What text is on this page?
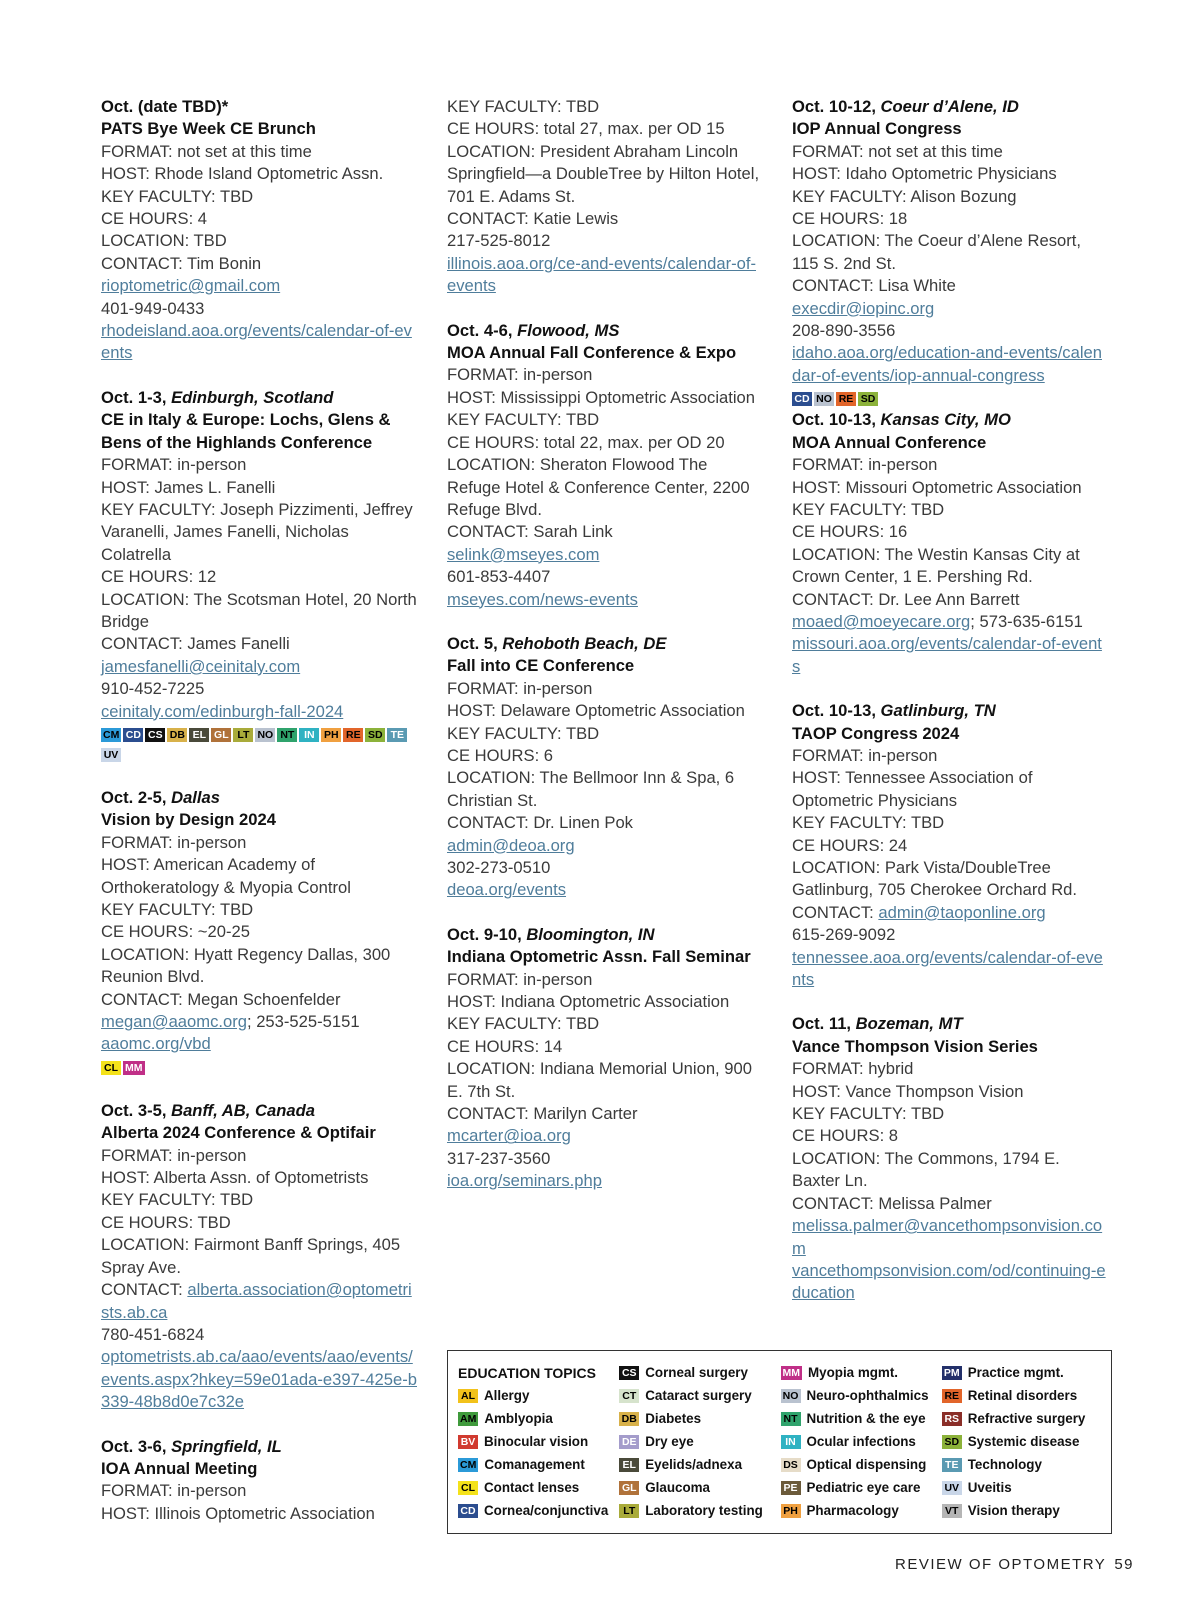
Oct. (date TBD)*
PATS Bye Week CE Brunch
FORMAT: not set at this time
HOST: Rhode Island Optometric Assn.
KEY FACULTY: TBD
CE HOURS: 4
LOCATION: TBD
CONTACT: Tim Bonin
rioptometric@gmail.com
401-949-0433
rhodeisland.aoa.org/events/calendar-of-events
Oct. 1-3, Edinburgh, Scotland
CE in Italy & Europe: Lochs, Glens & Bens of the Highlands Conference
FORMAT: in-person
HOST: James L. Fanelli
KEY FACULTY: Joseph Pizzimenti, Jeffrey Varanelli, James Fanelli, Nicholas Colatrella
CE HOURS: 12
LOCATION: The Scotsman Hotel, 20 North Bridge
CONTACT: James Fanelli
jamesfanelli@ceinitaly.com
910-452-7225
ceinitaly.com/edinburgh-fall-2024
CM CD CS DB EL GL LT NO NT IN PH RE SD TEUV
Oct. 2-5, Dallas
Vision by Design 2024
FORMAT: in-person
HOST: American Academy of Orthokeratology & Myopia Control
KEY FACULTY: TBD
CE HOURS: ~20-25
LOCATION: Hyatt Regency Dallas, 300 Reunion Blvd.
CONTACT: Megan Schoenfelder
megan@aaomc.org; 253-525-5151
aaomc.org/vbd
CL MM
Oct. 3-5, Banff, AB, Canada
Alberta 2024 Conference & Optifair
FORMAT: in-person
HOST: Alberta Assn. of Optometrists
KEY FACULTY: TBD
CE HOURS: TBD
LOCATION: Fairmont Banff Springs, 405 Spray Ave.
CONTACT: alberta.association@optometrists.ab.ca
780-451-6824
optometrists.ab.ca/aao/events/aao/events/events.aspx?hkey=59e01ada-e397-425e-b339-48b8d0e7c32e
Oct. 3-6, Springfield, IL
IOA Annual Meeting
FORMAT: in-person
HOST: Illinois Optometric Association
KEY FACULTY: TBD
CE HOURS: total 27, max. per OD 15
LOCATION: President Abraham Lincoln Springfield—a DoubleTree by Hilton Hotel, 701 E. Adams St.
CONTACT: Katie Lewis
217-525-8012
illinois.aoa.org/ce-and-events/calendar-of-events
Oct. 4-6, Flowood, MS
MOA Annual Fall Conference & Expo
FORMAT: in-person
HOST: Mississippi Optometric Association
KEY FACULTY: TBD
CE HOURS: total 22, max. per OD 20
LOCATION: Sheraton Flowood The Refuge Hotel & Conference Center, 2200 Refuge Blvd.
CONTACT: Sarah Link
selink@mseyes.com
601-853-4407
mseyes.com/news-events
Oct. 5, Rehoboth Beach, DE
Fall into CE Conference
FORMAT: in-person
HOST: Delaware Optometric Association
KEY FACULTY: TBD
CE HOURS: 6
LOCATION: The Bellmoor Inn & Spa, 6 Christian St.
CONTACT: Dr. Linen Pok
admin@deoa.org
302-273-0510
deoa.org/events
Oct. 9-10, Bloomington, IN
Indiana Optometric Assn. Fall Seminar
FORMAT: in-person
HOST: Indiana Optometric Association
KEY FACULTY: TBD
CE HOURS: 14
LOCATION: Indiana Memorial Union, 900 E. 7th St.
CONTACT: Marilyn Carter
mcarter@ioa.org
317-237-3560
ioa.org/seminars.php
Oct. 10-12, Coeur d’Alene, ID
IOP Annual Congress
FORMAT: not set at this time
HOST: Idaho Optometric Physicians
KEY FACULTY: Alison Bozung
CE HOURS: 18
LOCATION: The Coeur d’Alene Resort, 115 S. 2nd St.
CONTACT: Lisa White
execdir@iopinc.org
208-890-3556
idaho.aoa.org/education-and-events/calendar-of-events/iop-annual-congress
CD NO RE SD
Oct. 10-13, Kansas City, MO
MOA Annual Conference
FORMAT: in-person
HOST: Missouri Optometric Association
KEY FACULTY: TBD
CE HOURS: 16
LOCATION: The Westin Kansas City at Crown Center, 1 E. Pershing Rd.
CONTACT: Dr. Lee Ann Barrett
moaed@moeyecare.org; 573-635-6151
missouri.aoa.org/events/calendar-of-events
Oct. 10-13, Gatlinburg, TN
TAOP Congress 2024
FORMAT: in-person
HOST: Tennessee Association of Optometric Physicians
KEY FACULTY: TBD
CE HOURS: 24
LOCATION: Park Vista/DoubleTree Gatlinburg, 705 Cherokee Orchard Rd.
CONTACT: admin@taoponline.org
615-269-9092
tennessee.aoa.org/events/calendar-of-events
Oct. 11, Bozeman, MT
Vance Thompson Vision Series
FORMAT: hybrid
HOST: Vance Thompson Vision
KEY FACULTY: TBD
CE HOURS: 8
LOCATION: The Commons, 1794 E. Baxter Ln.
CONTACT: Melissa Palmer
melissa.palmer@vancethompsonvision.com
vancethompsonvision.com/od/continuing-education
EDUCATION TOPICS
AL Allergy
AM Amblyopia
BV Binocular vision
CM Comanagement
CL Contact lenses
CD Cornea/conjunctiva
CS Corneal surgery
CT Cataract surgery
DB Diabetes
DE Dry eye
EL Eyelids/adnexa
GL Glaucoma
LT Laboratory testing
MM Myopia mgmt.
NO Neuro-ophthalmics
NT Nutrition & the eye
IN Ocular infections
DS Optical dispensing
PE Pediatric eye care
PH Pharmacology
PM Practice mgmt.
RE Retinal disorders
RS Refractive surgery
SD Systemic disease
TE Technology
UV Uveitis
VT Vision therapy
REVIEW OF OPTOMETRY 59
